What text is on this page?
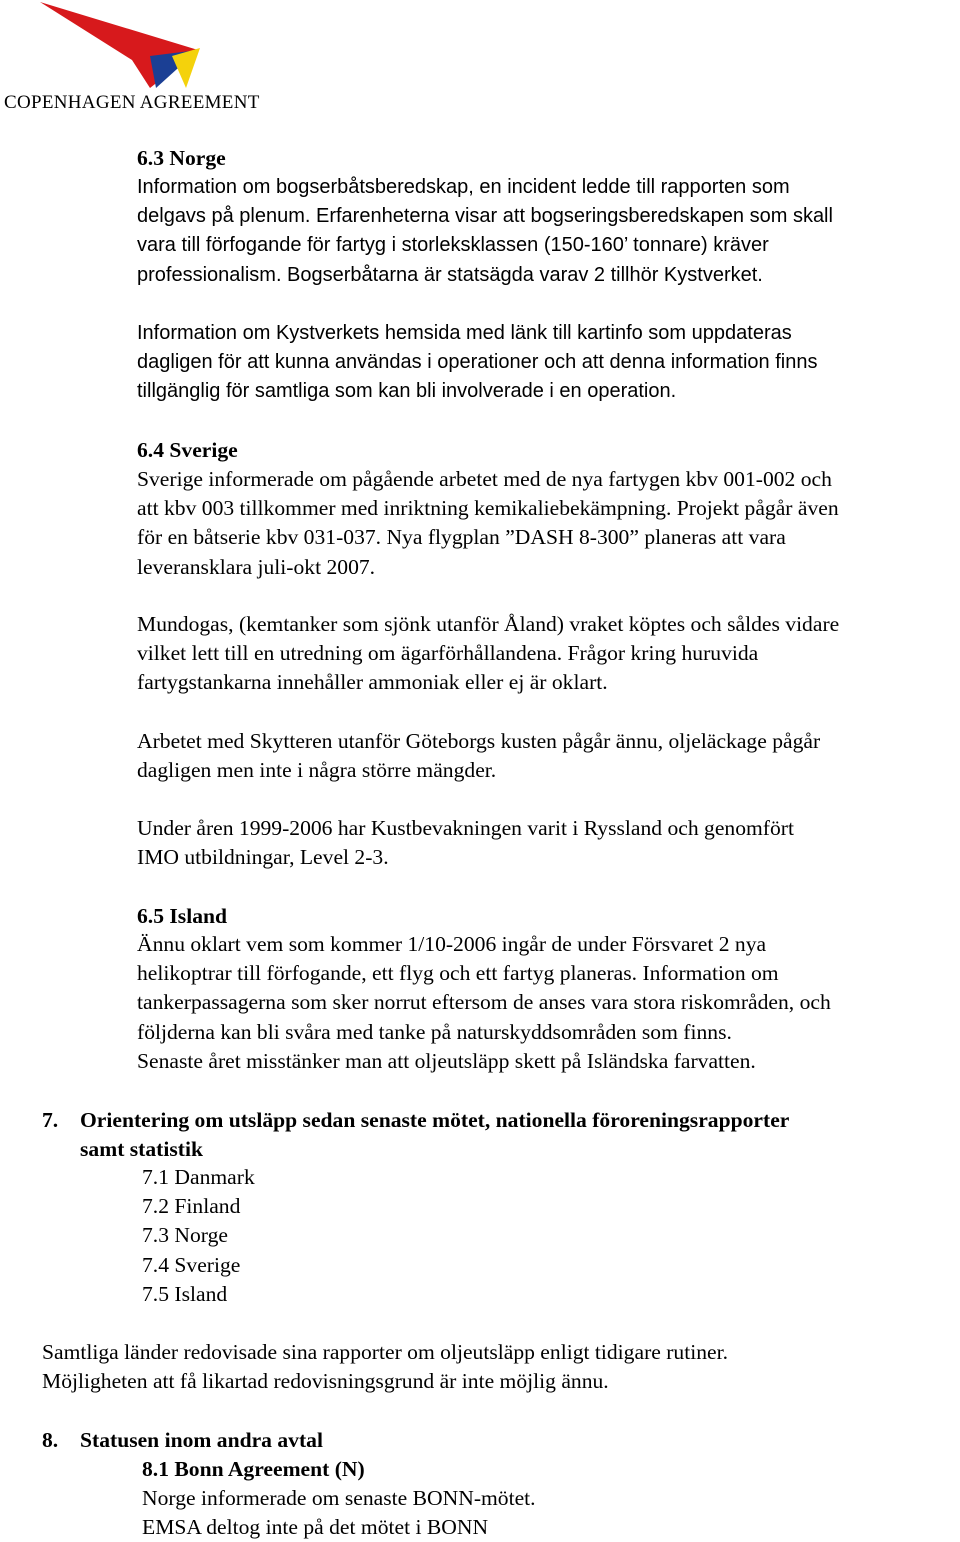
COPENHAGEN AGREEMENT
6.3 Norge
Information om bogserbåtsberedskap, en incident ledde till rapporten som
delgavs på plenum. Erfarenheterna visar att bogseringsberedskapen som skall
vara till förfogande för fartyg i storleksklassen (150-160’ tonnare) kräver
professionalism. Bogserbåtarna är statsägda varav 2 tillhör Kystverket.
Information om Kystverkets hemsida med länk till kartinfo som uppdateras
dagligen för att kunna användas i operationer och att denna information finns
tillgänglig för samtliga som kan bli involverade i en operation.
6.4 Sverige
Sverige informerade om pågående arbetet med de nya fartygen kbv 001-002 och
att kbv 003 tillkommer med inriktning kemikaliebekämpning. Projekt pågår även
för en båtserie kbv 031-037. Nya flygplan ”DASH 8-300” planeras att vara
leveransklara juli-okt 2007.
Mundogas, (kemtanker som sjönk utanför Åland) vraket köptes och såldes vidare
vilket lett till en utredning om ägarförhållandena. Frågor kring huruvida
fartygstankarna innehåller ammoniak eller ej är oklart.
Arbetet med Skytteren utanför Göteborgs kusten pågår ännu, oljeläckage pågår
dagligen men inte i några större mängder.
Under åren 1999-2006 har Kustbevakningen varit i Ryssland och genomfört
IMO utbildningar, Level 2-3.
6.5 Island
Ännu oklart vem som kommer 1/10-2006 ingår de under Försvaret 2 nya
helikoptrar till förfogande, ett flyg och ett fartyg planeras. Information om
tankerpassagerna som sker norrut eftersom de anses vara stora riskområden, och
följderna kan bli svåra med tanke på naturskyddsområden som finns.
Senaste året misstänker man att oljeutsläpp skett på Isländska farvatten.
7. Orientering om utsläpp sedan senaste mötet, nationella föroreningsrapporter
samt statistik
7.1 Danmark
7.2 Finland
7.3 Norge
7.4 Sverige
7.5 Island
Samtliga länder redovisade sina rapporter om oljeutsläpp enligt tidigare rutiner.
Möjligheten att få likartad redovisningsgrund är inte möjlig ännu.
8. Statusen inom andra avtal
8.1 Bonn Agreement (N)
Norge informerade om senaste BONN-mötet.
EMSA deltog inte på det mötet i BONN
